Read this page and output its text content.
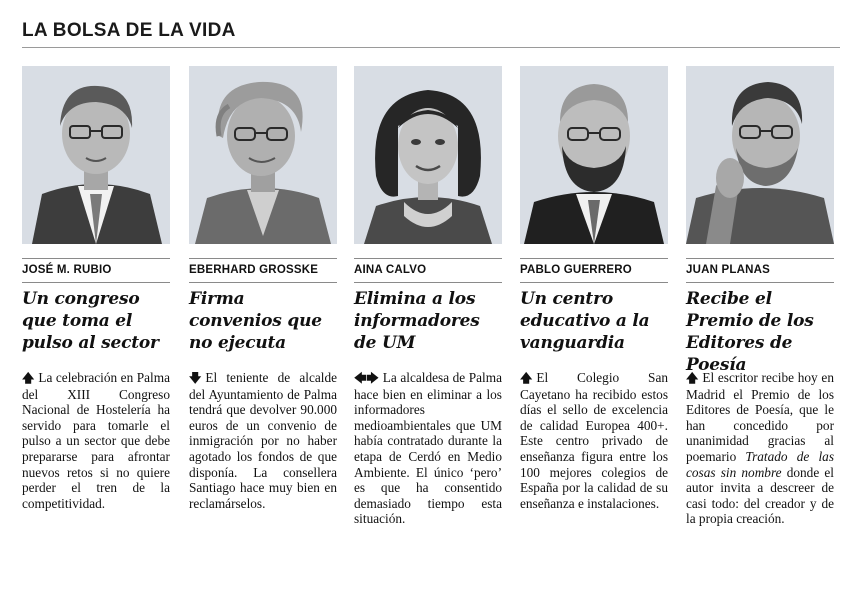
LA BOLSA DE LA VIDA
JOSÉ M. RUBIO
Un congreso que toma el pulso al sector
🡅 La celebración en Palma del XIII Congreso Nacional de Hostelería ha servido para tomarle el pulso a un sector que debe prepararse para afrontar nuevos retos si no quiere perder el tren de la competitividad.
EBERHARD GROSSKE
Firma convenios que no ejecuta
🡇 El teniente de alcalde del Ayuntamiento de Palma tendrá que devolver 90.000 euros de un convenio de inmigración por no haber agotado los fondos de que disponía. La consellera Santiago hace muy bien en reclamárselos.
AINA CALVO
Elimina a los informadores de UM
🡄🡆 La alcaldesa de Palma hace bien en eliminar a los informadores medioambientales que UM había contratado durante la etapa de Cerdó en Medio Ambiente. El único ‘pero’ es que ha consentido demasiado tiempo esta situación.
PABLO GUERRERO
Un centro educativo a la vanguardia
🡅 El Colegio San Cayetano ha recibido estos días el sello de excelencia de calidad Europea 400+. Este centro privado de enseñanza figura entre los 100 mejores colegios de España por la calidad de su enseñanza e instalaciones.
JUAN PLANAS
Recibe el Premio de los Editores de Poesía
🡅 El escritor recibe hoy en Madrid el Premio de los Editores de Poesía, que le han concedido por unanimidad gracias al poemario Tratado de las cosas sin nombre donde el autor invita a descreer de casi todo: del creador y de la propia creación.
